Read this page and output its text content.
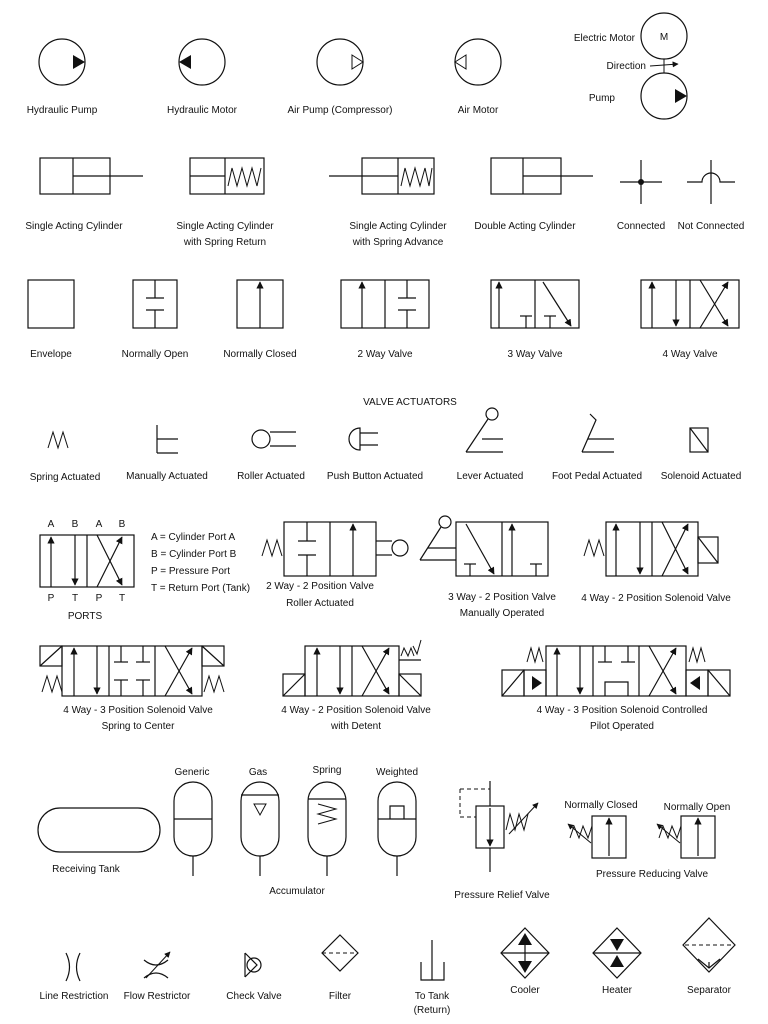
Hydraulic Pump	Hydraulic Motor	Air Pump (Compressor)	Air Motor
M
Electric Motor
Direction
Pump
Single Acting Cylinder	Single Acting Cylinder
with Spring Return
Single Acting Cylinder
with Spring Advance
Double Acting Cylinder	Connected Not Connected
Envelope	Normally Open	Normally Closed	2 Way Valve	3 Way Valve	4 Way Valve
VALVE ACTUATORS
Spring Actuated	Manually Actuated	Roller Actuated Push Button Actuated	Lever Actuated	Foot Pedal Actuated Solenoid Actuated
A B A B
P T P T
PORTS
A = Cylinder Port A
B = Cylinder Port B
P = Pressure Port
T = Return Port (Tank) 2 Way - 2 Position Valve
Roller Actuated
3 Way - 2 Position Valve
Manually Operated
4 Way - 2 Position Solenoid Valve
4 Way - 3 Position Solenoid Valve
Spring to Center
4 Way - 2 Position Solenoid Valve
with Detent
4 Way - 3 Position Solenoid Controlled
Pilot Operated
Receiving Tank
Generic	Gas	Spring	Weighted
Accumulator	Pressure Relief Valve
Normally Closed	Normally Open
Pressure Reducing Valve
Line Restriction Flow Restrictor	Check Valve	Filter	To Tank
(Return)
Cooler	Heater	Separator
